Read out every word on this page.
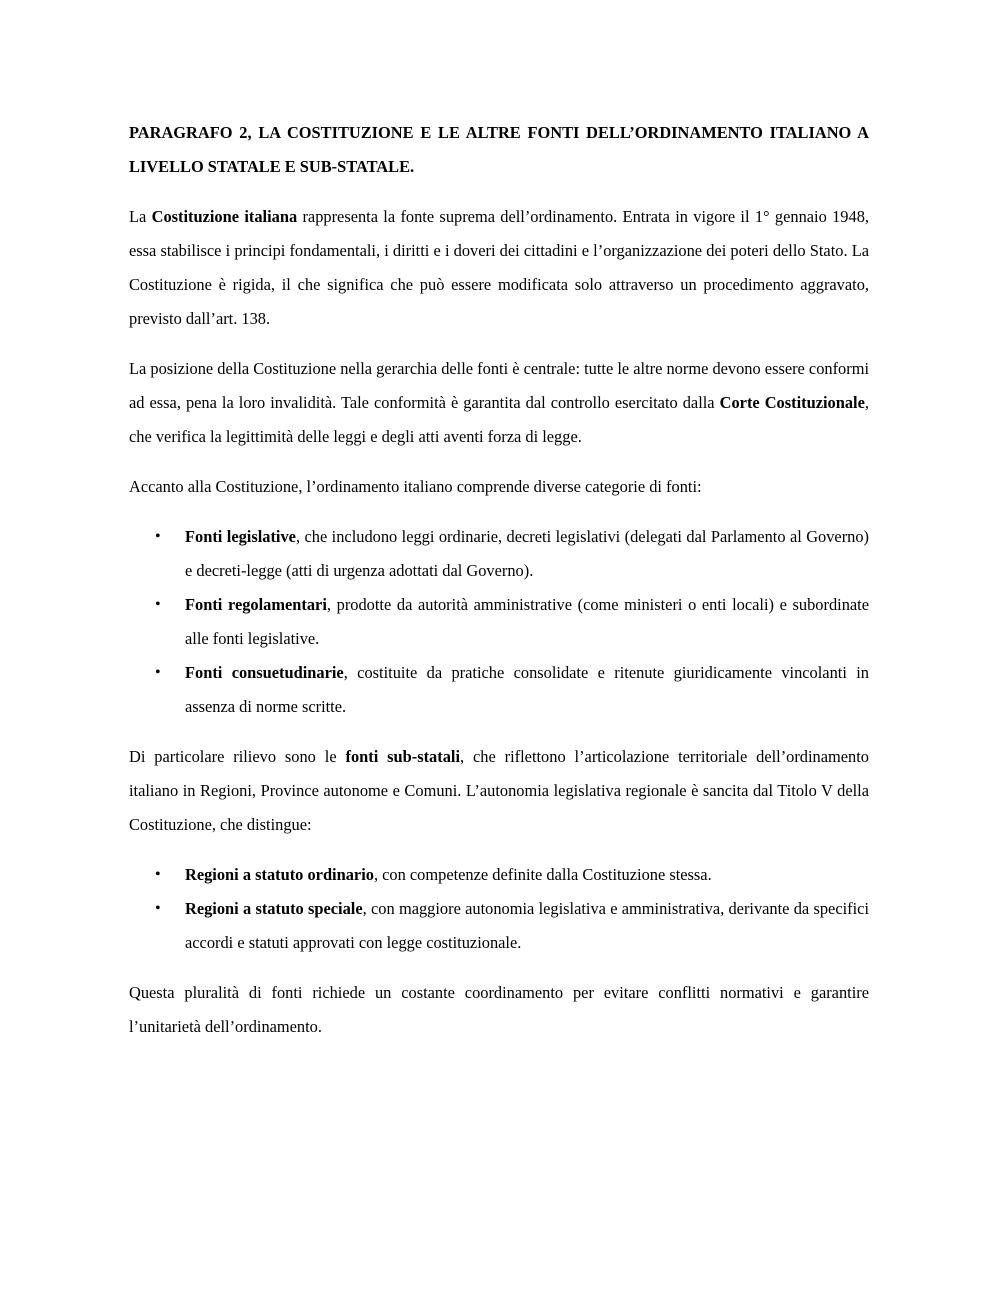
PARAGRAFO 2, LA COSTITUZIONE E LE ALTRE FONTI DELL’ORDINAMENTO ITALIANO A LIVELLO STATALE E SUB-STATALE.

La Costituzione italiana rappresenta la fonte suprema dell’ordinamento. Entrata in vigore il 1° gennaio 1948, essa stabilisce i principi fondamentali, i diritti e i doveri dei cittadini e l’organizzazione dei poteri dello Stato. La Costituzione è rigida, il che significa che può essere modificata solo attraverso un procedimento aggravato, previsto dall’art. 138.

La posizione della Costituzione nella gerarchia delle fonti è centrale: tutte le altre norme devono essere conformi ad essa, pena la loro invalidità. Tale conformità è garantita dal controllo esercitato dalla Corte Costituzionale, che verifica la legittimità delle leggi e degli atti aventi forza di legge.

Accanto alla Costituzione, l’ordinamento italiano comprende diverse categorie di fonti:

• Fonti legislative, che includono leggi ordinarie, decreti legislativi (delegati dal Parlamento al Governo) e decreti-legge (atti di urgenza adottati dal Governo).
• Fonti regolamentari, prodotte da autorità amministrative (come ministeri o enti locali) e subordinate alle fonti legislative.
• Fonti consuetudinarie, costituite da pratiche consolidate e ritenute giuridicamente vincolanti in assenza di norme scritte.

Di particolare rilievo sono le fonti sub-statali, che riflettono l’articolazione territoriale dell’ordinamento italiano in Regioni, Province autonome e Comuni. L’autonomia legislativa regionale è sancita dal Titolo V della Costituzione, che distingue:

• Regioni a statuto ordinario, con competenze definite dalla Costituzione stessa.
• Regioni a statuto speciale, con maggiore autonomia legislativa e amministrativa, derivante da specifici accordi e statuti approvati con legge costituzionale.

Questa pluralità di fonti richiede un costante coordinamento per evitare conflitti normativi e garantire l’unitarietà dell’ordinamento.
